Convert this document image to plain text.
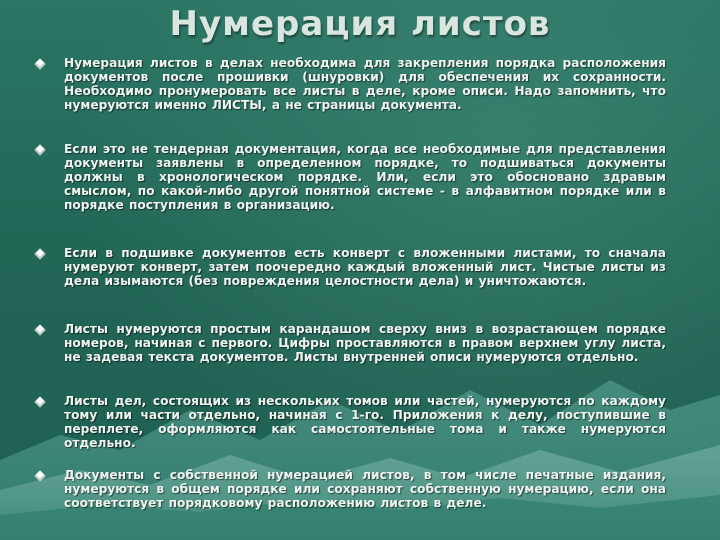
Нумерация листов

Нумерация листов в делах необходима для закрепления порядка расположения документов после прошивки (шнуровки) для обеспечения их сохранности. Необходимо пронумеровать все листы в деле, кроме описи. Надо запомнить, что нумеруются именно ЛИСТЫ, а не страницы документа.

Если это не тендерная документация, когда все необходимые для представления документы заявлены в определенном порядке, то подшиваться документы должны в хронологическом порядке. Или, если это обосновано здравым смыслом, по какой-либо другой понятной системе - в алфавитном порядке или в порядке поступления в организацию.

Если в подшивке документов есть конверт с вложенными листами, то сначала нумеруют конверт, затем поочередно каждый вложенный лист. Чистые листы из дела изымаются (без повреждения целостности дела) и уничтожаются.

Листы нумеруются простым карандашом сверху вниз в возрастающем порядке номеров, начиная с первого. Цифры проставляются в правом верхнем углу листа, не задевая текста документов. Листы внутренней описи нумеруются отдельно.

Листы дел, состоящих из нескольких томов или частей, нумеруются по каждому тому или части отдельно, начиная с 1-го. Приложения к делу, поступившие в переплете, оформляются как самостоятельные тома и также нумеруются отдельно.

Документы с собственной нумерацией листов, в том числе печатные издания, нумеруются в общем порядке или сохраняют собственную нумерацию, если она соответствует порядковому расположению листов в деле.
